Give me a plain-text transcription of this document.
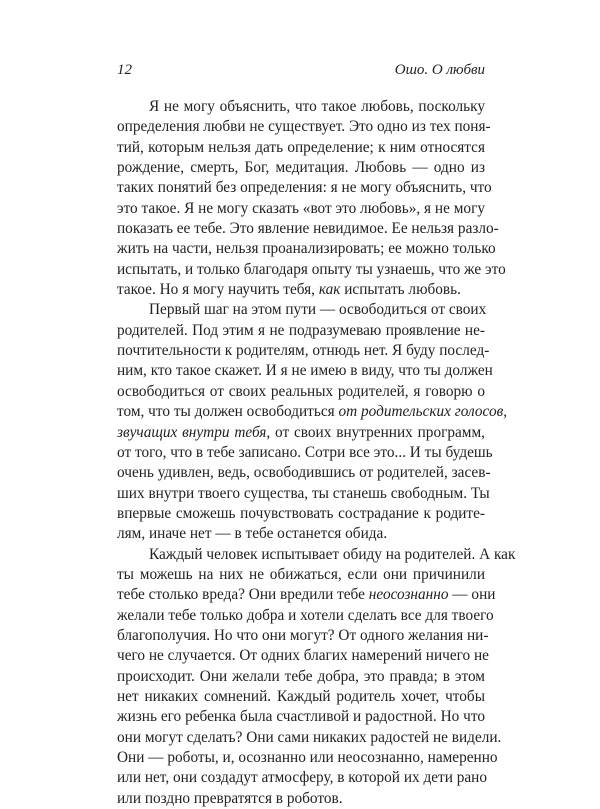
12	Ошо. О любви

Я не могу объяснить, что такое любовь, поскольку
определения любви не существует. Это одно из тех поня-
тий, которым нельзя дать определение; к ним относятся
рождение, смерть, Бог, медитация. Любовь — одно из
таких понятий без определения: я не могу объяснить, что
это такое. Я не могу сказать «вот это любовь», я не могу
показать ее тебе. Это явление невидимое. Ее нельзя разло-
жить на части, нельзя проанализировать; ее можно только
испытать, и только благодаря опыту ты узнаешь, что же это
такое. Но я могу научить тебя, как испытать любовь.

Первый шаг на этом пути — освободиться от своих
родителей. Под этим я не подразумеваю проявление не-
почтительности к родителям, отнюдь нет. Я буду послед-
ним, кто такое скажет. И я не имею в виду, что ты должен
освободиться от своих реальных родителей, я говорю о
том, что ты должен освободиться от родительских голосов,
звучащих внутри тебя, от своих внутренних программ,
от того, что в тебе записано. Сотри все это... И ты будешь
очень удивлен, ведь, освободившись от родителей, засев-
ших внутри твоего существа, ты станешь свободным. Ты
впервые сможешь почувствовать сострадание к родите-
лям, иначе нет — в тебе останется обида.

Каждый человек испытывает обиду на родителей. А как
ты можешь на них не обижаться, если они причинили
тебе столько вреда? Они вредили тебе неосознанно — они
желали тебе только добра и хотели сделать все для твоего
благополучия. Но что они могут? От одного желания ни-
чего не случается. От одних благих намерений ничего не
происходит. Они желали тебе добра, это правда; в этом
нет никаких сомнений. Каждый родитель хочет, чтобы
жизнь его ребенка была счастливой и радостной. Но что
они могут сделать? Они сами никаких радостей не видели.
Они — роботы, и, осознанно или неосознанно, намеренно
или нет, они создадут атмосферу, в которой их дети рано
или поздно превратятся в роботов.
